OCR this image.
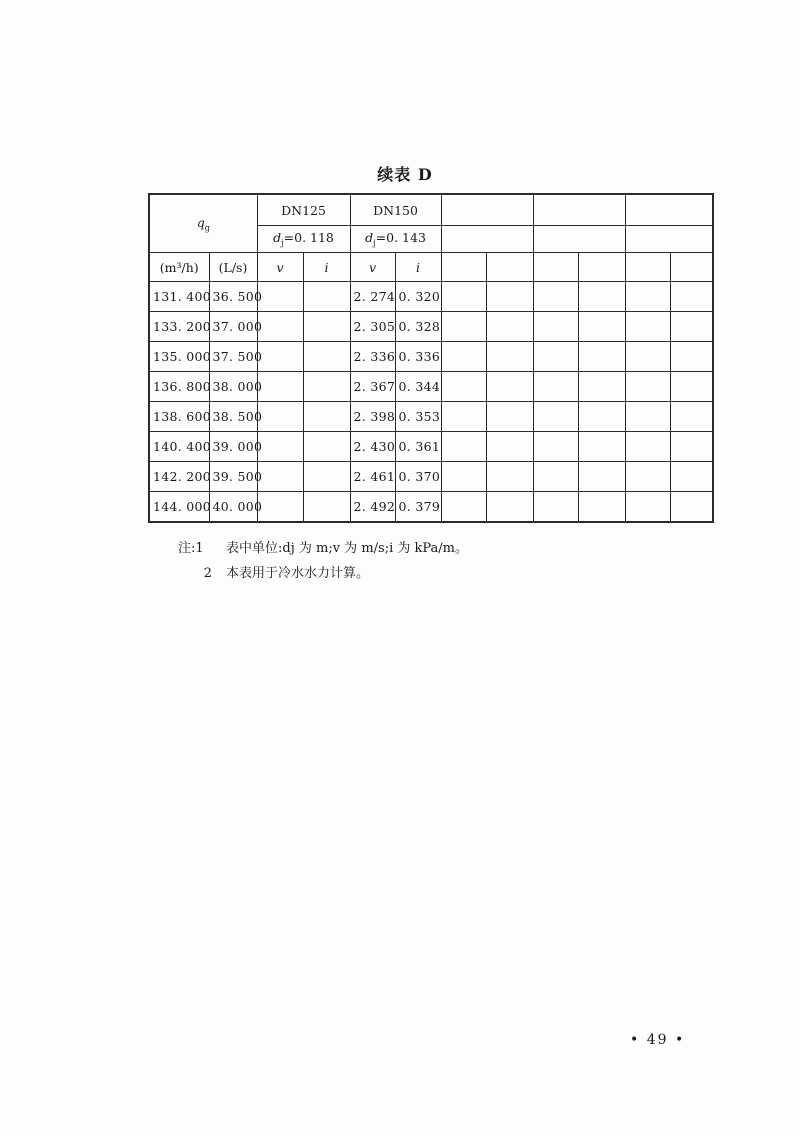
续表 D
$q_g$		DN125		DN150							
		$d_j=0$. 118		$d_j=0$. 143							
(m³/h)	(L/s)	v	i	v	i						
131. 400	36. 500			2. 274	0. 320						
133. 200	37. 000			2. 305	0. 328						
135. 000	37. 500			2. 336	0. 336						
136. 800	38. 000			2. 367	0. 344						
138. 600	38. 500			2. 398	0. 353						
140. 400	39. 000			2. 430	0. 361						
142. 200	39. 500			2. 461	0. 370						
144. 000	40. 000			2. 492	0. 379						
注:1	表中单位:dj 为 m;v 为 m/s;i 为 kPa/m。
2	本表用于冷水水力计算。
• 49 •
